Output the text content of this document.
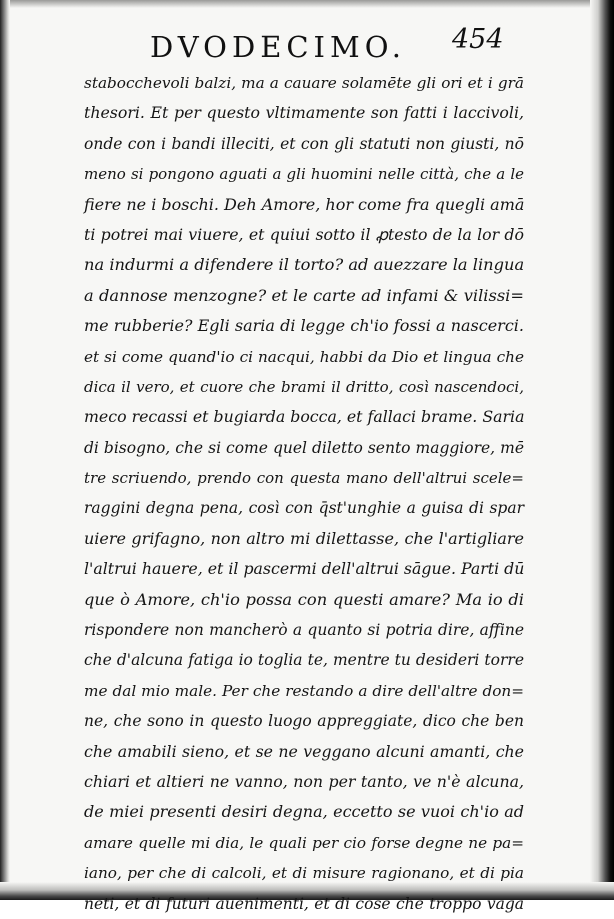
DVODECIMO. 454
stabocchevoli balzi, ma a cauare solamēte gli ori et i grā
thesori. Et per questo vltimamente son fatti i laccivoli,
onde con i bandi illeciti, et con gli statuti non giusti, nō
meno si pongono aguati a gli huomini nelle città, che a le
fiere ne i boschi. Deh Amore, hor come fra quegli amā
ti potrei mai viuere, et quiui sotto il ꝓtesto de la lor dō
na indurmi a difendere il torto? ad auezzare la lingua
a dannose menzogne? et le carte ad infami & vilissi=
me rubberie? Egli saria di legge ch'io fossi a nascerci.
et si come quand'io ci nacqui, habbi da Dio et lingua che
dica il vero, et cuore che brami il dritto, così nascendoci,
meco recassi et bugiarda bocca, et fallaci brame. Saria
di bisogno, che si come quel diletto sento maggiore, mē
tre scriuendo, prendo con questa mano dell'altrui scele=
raggini degna pena, così con q̄st'unghie a guisa di spar
uiere grifagno, non altro mi dilettasse, che l'artigliare
l'altrui hauere, et il pascermi dell'altrui sāgue. Parti dū
que ò Amore, ch'io possa con questi amare? Ma io di
rispondere non mancherò a quanto si potria dire, affine
che d'alcuna fatiga io toglia te, mentre tu desideri torre
me dal mio male. Per che restando a dire dell'altre don=
ne, che sono in questo luogo appreggiate, dico che ben
che amabili sieno, et se ne veggano alcuni amanti, che
chiari et altieri ne vanno, non per tanto, ve n'è alcuna,
de miei presenti desiri degna, eccetto se vuoi ch'io ad
amare quelle mi dia, le quali per cio forse degne ne pa=
iano, per che di calcoli, et di misure ragionano, et di pia
neti, et di futuri auenimenti, et di cose che troppo vaga
